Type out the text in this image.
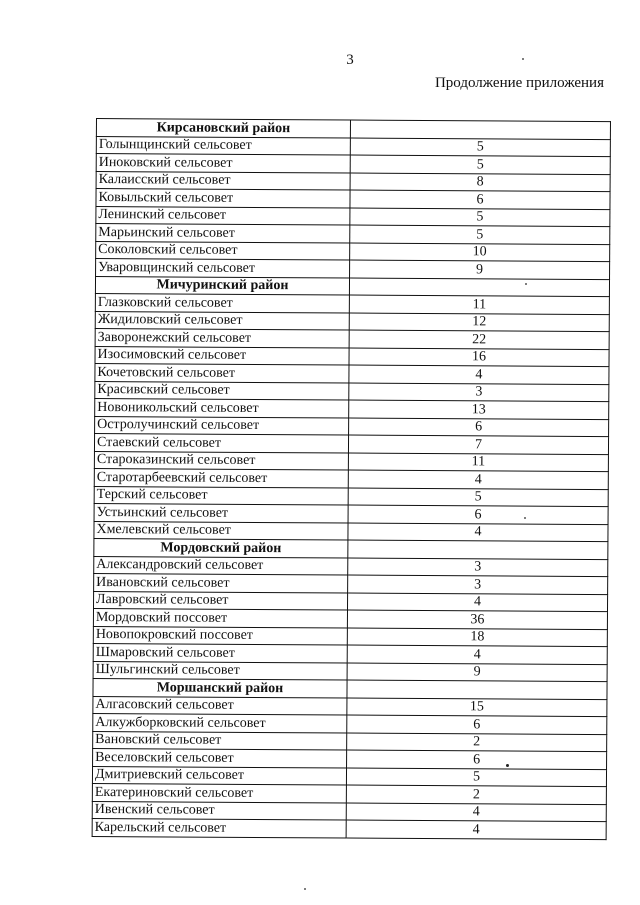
3
Продолжение приложения
Кирсановский район	
Голынщинский сельсовет	5
Иноковский сельсовет	5
Калаисский сельсовет	8
Ковыльский сельсовет	6
Ленинский сельсовет	5
Марьинский сельсовет	5
Соколовский сельсовет	10
Уваровщинский сельсовет	9
Мичуринский район	
Глазковский сельсовет	11
Жидиловский сельсовет	12
Заворонежский сельсовет	22
Изосимовский сельсовет	16
Кочетовский сельсовет	4
Красивский сельсовет	3
Новоникольский сельсовет	13
Остролучинский сельсовет	6
Стаевский сельсовет	7
Староказинский сельсовет	11
Старотарбеевский сельсовет	4
Терский сельсовет	5
Устьинский сельсовет	6
Хмелевский сельсовет	4
Мордовский район	
Александровский сельсовет	3
Ивановский сельсовет	3
Лавровский сельсовет	4
Мордовский поссовет	36
Новопокровский поссовет	18
Шмаровский сельсовет	4
Шульгинский сельсовет	9
Моршанский район	
Алгасовский сельсовет	15
Алкужборковский сельсовет	6
Вановский сельсовет	2
Веселовский сельсовет	6
Дмитриевский сельсовет	5
Екатериновский сельсовет	2
Ивенский сельсовет	4
Карельский сельсовет	4
